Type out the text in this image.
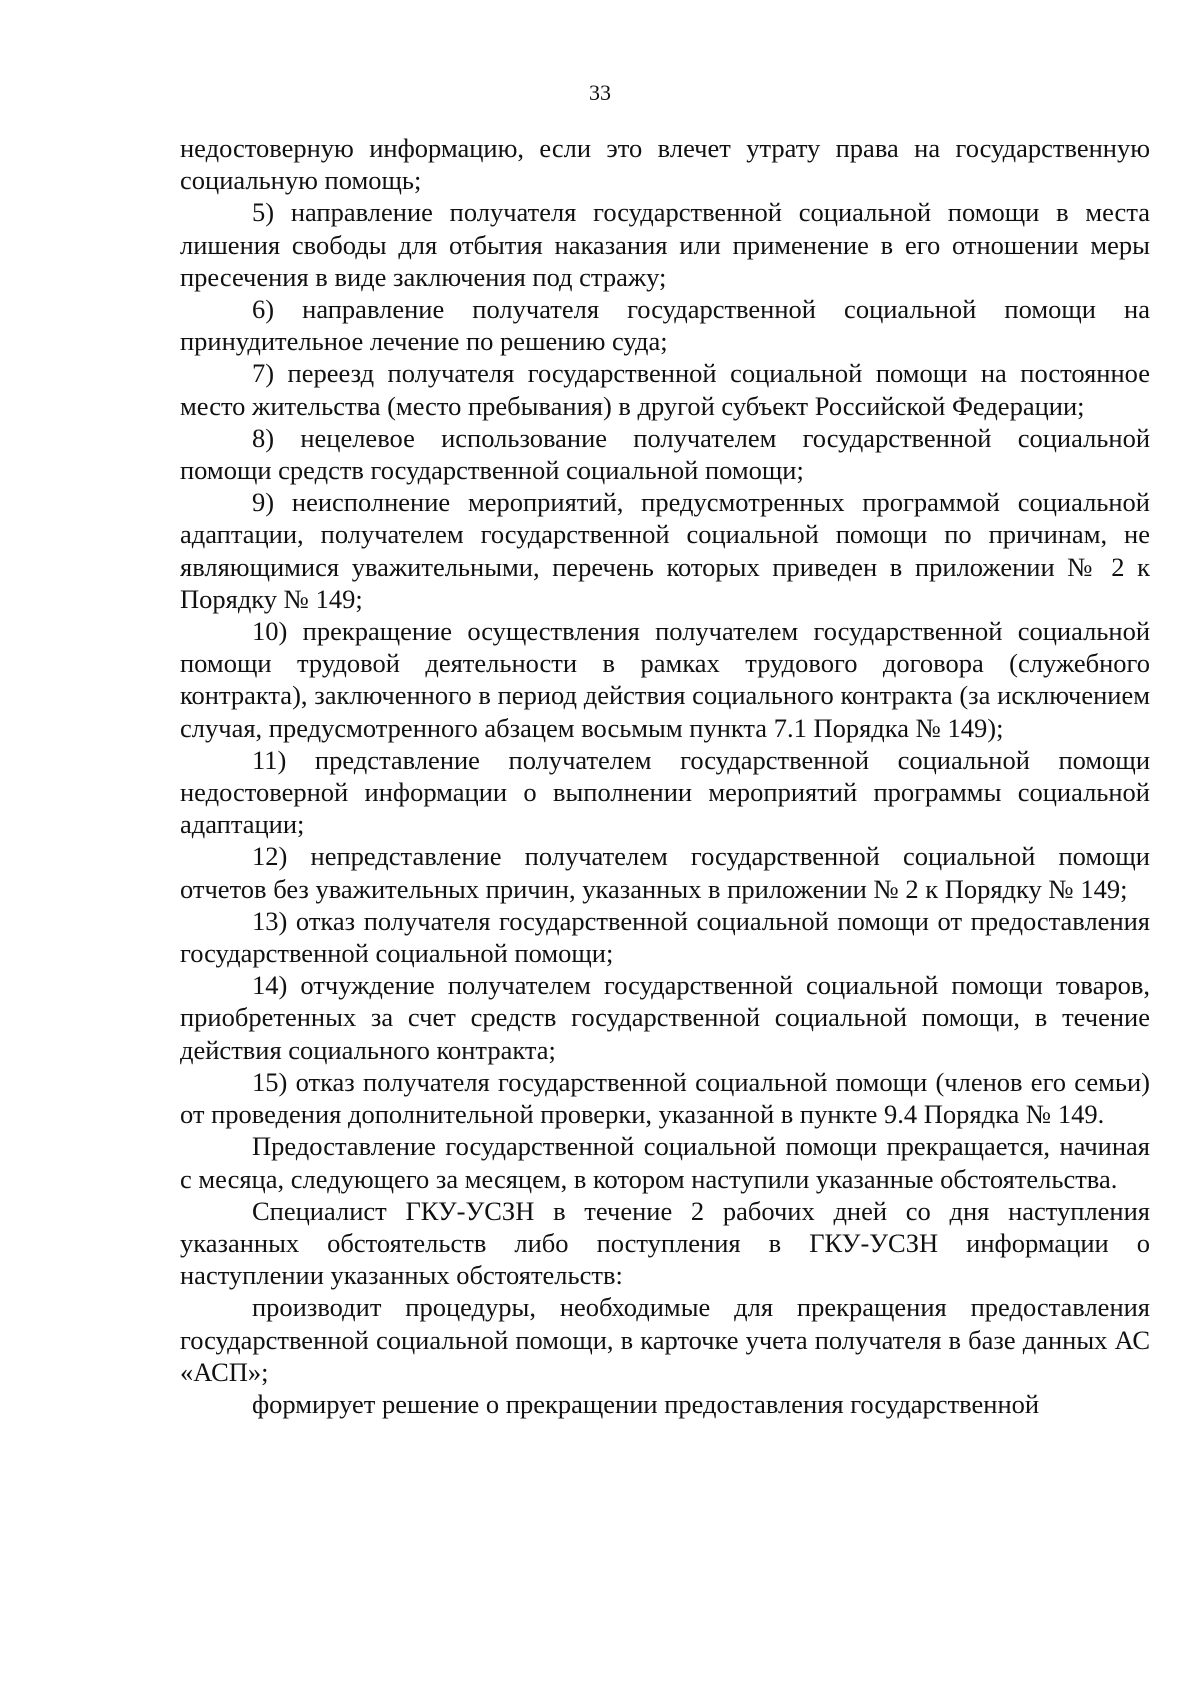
33

недостоверную информацию, если это влечет утрату права на государственную социальную помощь;

5) направление получателя государственной социальной помощи в места лишения свободы для отбытия наказания или применение в его отношении меры пресечения в виде заключения под стражу;

6) направление получателя государственной социальной помощи на принудительное лечение по решению суда;

7) переезд получателя государственной социальной помощи на постоянное место жительства (место пребывания) в другой субъект Российской Федерации;

8) нецелевое использование получателем государственной социальной помощи средств государственной социальной помощи;

9) неисполнение мероприятий, предусмотренных программой социальной адаптации, получателем государственной социальной помощи по причинам, не являющимися уважительными, перечень которых приведен в приложении № 2 к Порядку № 149;

10) прекращение осуществления получателем государственной социальной помощи трудовой деятельности в рамках трудового договора (служебного контракта), заключенного в период действия социального контракта (за исключением случая, предусмотренного абзацем восьмым пункта 7.1 Порядка № 149);

11) представление получателем государственной социальной помощи недостоверной информации о выполнении мероприятий программы социальной адаптации;

12) непредставление получателем государственной социальной помощи отчетов без уважительных причин, указанных в приложении № 2 к Порядку № 149;

13) отказ получателя государственной социальной помощи от предоставления государственной социальной помощи;

14) отчуждение получателем государственной социальной помощи товаров, приобретенных за счет средств государственной социальной помощи, в течение действия социального контракта;

15) отказ получателя государственной социальной помощи (членов его семьи) от проведения дополнительной проверки, указанной в пункте 9.4 Порядка № 149.

Предоставление государственной социальной помощи прекращается, начиная с месяца, следующего за месяцем, в котором наступили указанные обстоятельства.

Специалист ГКУ-УСЗН в течение 2 рабочих дней со дня наступления указанных обстоятельств либо поступления в ГКУ-УСЗН информации о наступлении указанных обстоятельств:

производит процедуры, необходимые для прекращения предоставления государственной социальной помощи, в карточке учета получателя в базе данных АС «АСП»;

формирует решение о прекращении предоставления государственной
